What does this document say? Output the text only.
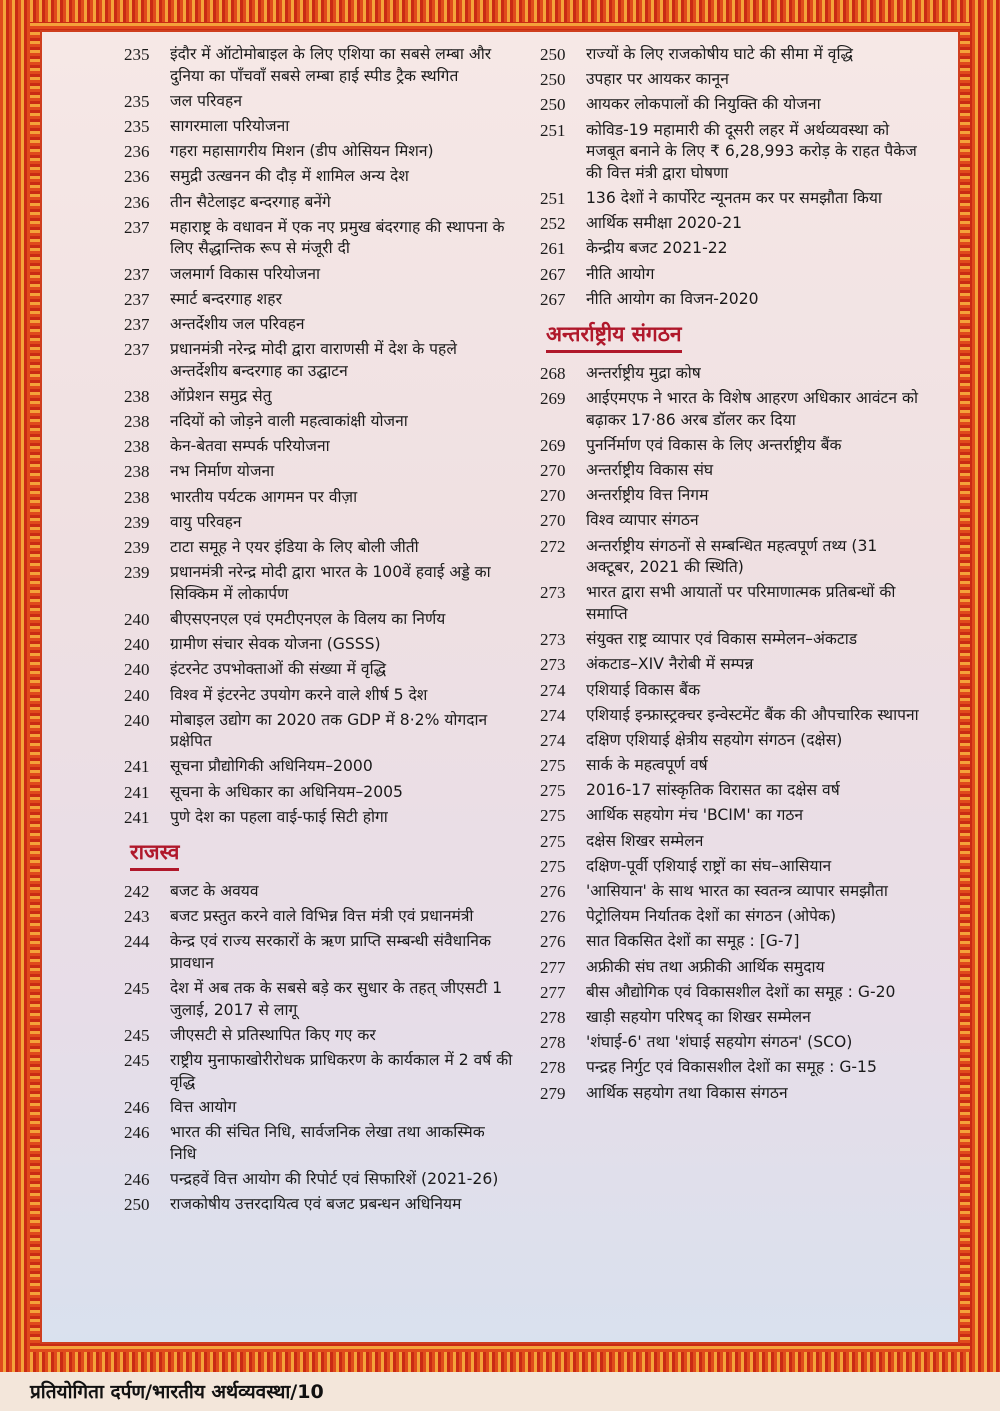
235	इंदौर में ऑटोमोबाइल के लिए एशिया का सबसे लम्बा और दुनिया का पाँचवाँ सबसे लम्बा हाई स्पीड ट्रैक स्थगित
235	जल परिवहन
235	सागरमाला परियोजना
236	गहरा महासागरीय मिशन (डीप ओसियन मिशन)
236	समुद्री उत्खनन की दौड़ में शामिल अन्य देश
236	तीन सैटेलाइट बन्दरगाह बनेंगे
237	महाराष्ट्र के वधावन में एक नए प्रमुख बंदरगाह की स्थापना के लिए सैद्धान्तिक रूप से मंजूरी दी
237	जलमार्ग विकास परियोजना
237	स्मार्ट बन्दरगाह शहर
237	अन्तर्देशीय जल परिवहन
237	प्रधानमंत्री नरेन्द्र मोदी द्वारा वाराणसी में देश के पहले अन्तर्देशीय बन्दरगाह का उद्घाटन
238	ऑप्रेशन समुद्र सेतु
238	नदियों को जोड़ने वाली महत्वाकांक्षी योजना
238	केन-बेतवा सम्पर्क परियोजना
238	नभ निर्माण योजना
238	भारतीय पर्यटक आगमन पर वीज़ा
239	वायु परिवहन
239	टाटा समूह ने एयर इंडिया के लिए बोली जीती
239	प्रधानमंत्री नरेन्द्र मोदी द्वारा भारत के 100वें हवाई अड्डे का सिक्किम में लोकार्पण
240	बीएसएनएल एवं एमटीएनएल के विलय का निर्णय
240	ग्रामीण संचार सेवक योजना (GSSS)
240	इंटरनेट उपभोक्ताओं की संख्या में वृद्धि
240	विश्व में इंटरनेट उपयोग करने वाले शीर्ष 5 देश
240	मोबाइल उद्योग का 2020 तक GDP में 8·2% योगदान प्रक्षेपित
241	सूचना प्रौद्योगिकी अधिनियम–2000
241	सूचना के अधिकार का अधिनियम–2005
241	पुणे देश का पहला वाई-फाई सिटी होगा
राजस्व
242	बजट के अवयव
243	बजट प्रस्तुत करने वाले विभिन्न वित्त मंत्री एवं प्रधानमंत्री
244	केन्द्र एवं राज्य सरकारों के ऋण प्राप्ति सम्बन्धी संवैधानिक प्रावधान
245	देश में अब तक के सबसे बड़े कर सुधार के तहत् जीएसटी 1 जुलाई, 2017 से लागू
245	जीएसटी से प्रतिस्थापित किए गए कर
245	राष्ट्रीय मुनाफाखोरीरोधक प्राधिकरण के कार्यकाल में 2 वर्ष की वृद्धि
246	वित्त आयोग
246	भारत की संचित निधि, सार्वजनिक लेखा तथा आकस्मिक निधि
246	पन्द्रहवें वित्त आयोग की रिपोर्ट एवं सिफारिशें (2021-26)
250	राजकोषीय उत्तरदायित्व एवं बजट प्रबन्धन अधिनियम
250	राज्यों के लिए राजकोषीय घाटे की सीमा में वृद्धि
250	उपहार पर आयकर कानून
250	आयकर लोकपालों की नियुक्ति की योजना
251	कोविड-19 महामारी की दूसरी लहर में अर्थव्यवस्था को मजबूत बनाने के लिए ₹ 6,28,993 करोड़ के राहत पैकेज की वित्त मंत्री द्वारा घोषणा
251	136 देशों ने कार्पोरेट न्यूनतम कर पर समझौता किया
252	आर्थिक समीक्षा 2020-21
261	केन्द्रीय बजट 2021-22
267	नीति आयोग
267	नीति आयोग का विजन-2020
अन्तर्राष्ट्रीय संगठन
268	अन्तर्राष्ट्रीय मुद्रा कोष
269	आईएमएफ ने भारत के विशेष आहरण अधिकार आवंटन को बढ़ाकर 17·86 अरब डॉलर कर दिया
269	पुनर्निर्माण एवं विकास के लिए अन्तर्राष्ट्रीय बैंक
270	अन्तर्राष्ट्रीय विकास संघ
270	अन्तर्राष्ट्रीय वित्त निगम
270	विश्व व्यापार संगठन
272	अन्तर्राष्ट्रीय संगठनों से सम्बन्धित महत्वपूर्ण तथ्य (31 अक्टूबर, 2021 की स्थिति)
273	भारत द्वारा सभी आयातों पर परिमाणात्मक प्रतिबन्धों की समाप्ति
273	संयुक्त राष्ट्र व्यापार एवं विकास सम्मेलन–अंकटाड
273	अंकटाड–XIV नैरोबी में सम्पन्न
274	एशियाई विकास बैंक
274	एशियाई इन्फ्रास्ट्रक्चर इन्वेस्टमेंट बैंक की औपचारिक स्थापना
274	दक्षिण एशियाई क्षेत्रीय सहयोग संगठन (दक्षेस)
275	सार्क के महत्वपूर्ण वर्ष
275	2016-17 सांस्कृतिक विरासत का दक्षेस वर्ष
275	आर्थिक सहयोग मंच 'BCIM' का गठन
275	दक्षेस शिखर सम्मेलन
275	दक्षिण-पूर्वी एशियाई राष्ट्रों का संघ–आसियान
276	'आसियान' के साथ भारत का स्वतन्त्र व्यापार समझौता
276	पेट्रोलियम निर्यातक देशों का संगठन (ओपेक)
276	सात विकसित देशों का समूह : [G-7]
277	अफ्रीकी संघ तथा अफ्रीकी आर्थिक समुदाय
277	बीस औद्योगिक एवं विकासशील देशों का समूह : G-20
278	खाड़ी सहयोग परिषद् का शिखर सम्मेलन
278	'शंघाई-6' तथा 'शंघाई सहयोग संगठन' (SCO)
278	पन्द्रह निर्गुट एवं विकासशील देशों का समूह : G-15
279	आर्थिक सहयोग तथा विकास संगठन
प्रतियोगिता दर्पण/भारतीय अर्थव्यवस्था/10
